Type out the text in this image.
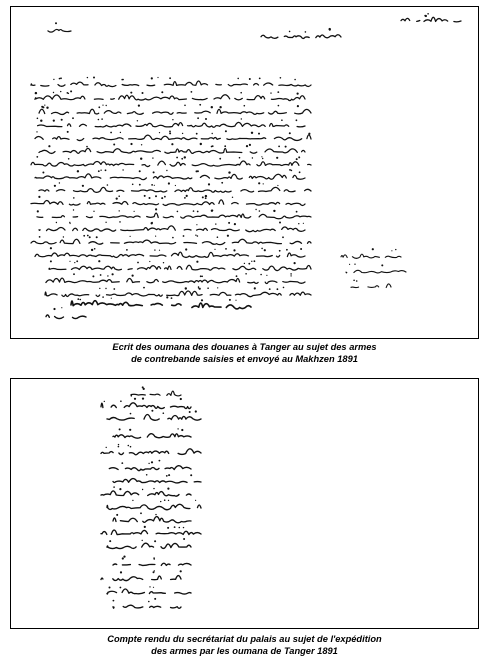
Ecrit des oumana des douanes à Tanger au sujet des armes
de contrebande saisies et envoyé au Makhzen 1891
Compte rendu du secrétariat du palais au sujet de l'expédition
des armes par les oumana de Tanger 1891
